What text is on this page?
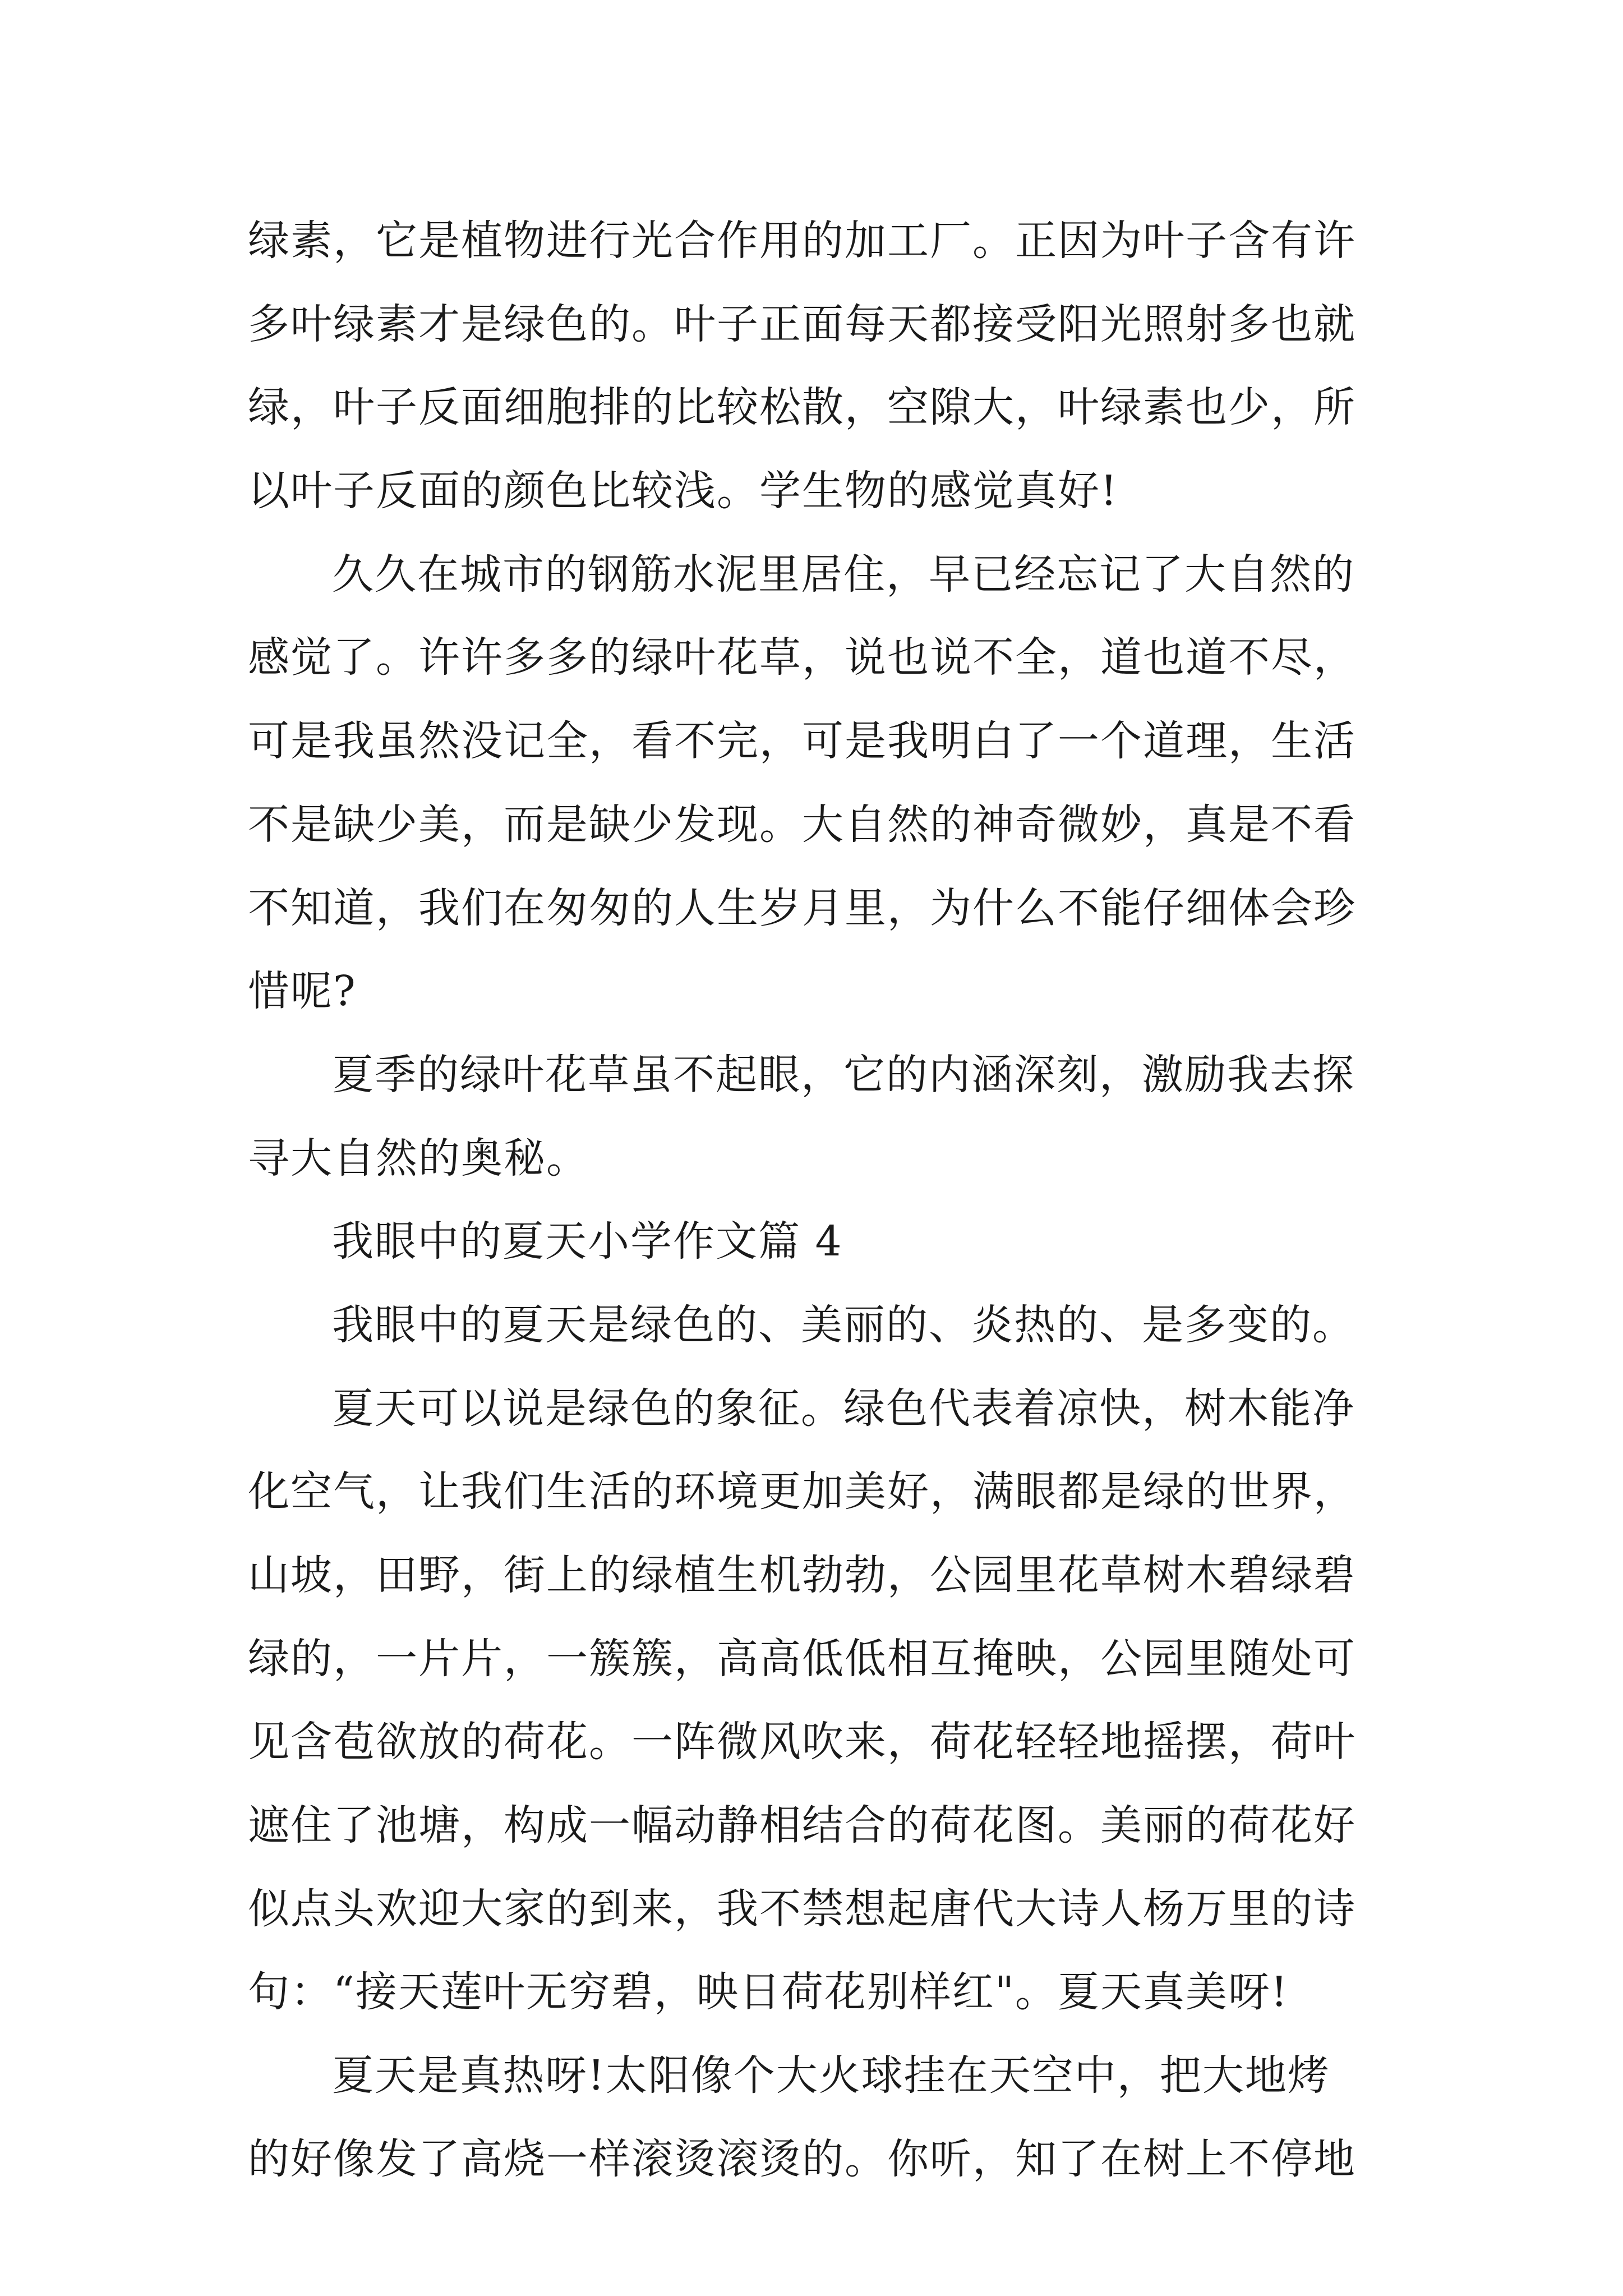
绿素，它是植物进行光合作用的加工厂。正因为叶子含有许
多叶绿素才是绿色的。叶子正面每天都接受阳光照射多也就
绿，叶子反面细胞排的比较松散，空隙大，叶绿素也少，所
以叶子反面的颜色比较浅。学生物的感觉真好!
久久在城市的钢筋水泥里居住，早已经忘记了大自然的
感觉了。许许多多的绿叶花草，说也说不全，道也道不尽，
可是我虽然没记全，看不完，可是我明白了一个道理，生活
不是缺少美，而是缺少发现。大自然的神奇微妙，真是不看
不知道，我们在匆匆的人生岁月里，为什么不能仔细体会珍
惜呢?
夏季的绿叶花草虽不起眼，它的内涵深刻，激励我去探
寻大自然的奥秘。
我眼中的夏天小学作文篇 4
我眼中的夏天是绿色的、美丽的、炎热的、是多变的。
夏天可以说是绿色的象征。绿色代表着凉快，树木能净
化空气，让我们生活的环境更加美好，满眼都是绿的世界，
山坡，田野，街上的绿植生机勃勃，公园里花草树木碧绿碧
绿的，一片片，一簇簇，高高低低相互掩映，公园里随处可
见含苞欲放的荷花。一阵微风吹来，荷花轻轻地摇摆，荷叶
遮住了池塘，构成一幅动静相结合的荷花图。美丽的荷花好
似点头欢迎大家的到来，我不禁想起唐代大诗人杨万里的诗
句：“接天莲叶无穷碧，映日荷花别样红"。夏天真美呀!
夏天是真热呀!太阳像个大火球挂在天空中，把大地烤
的好像发了高烧一样滚烫滚烫的。你听，知了在树上不停地
